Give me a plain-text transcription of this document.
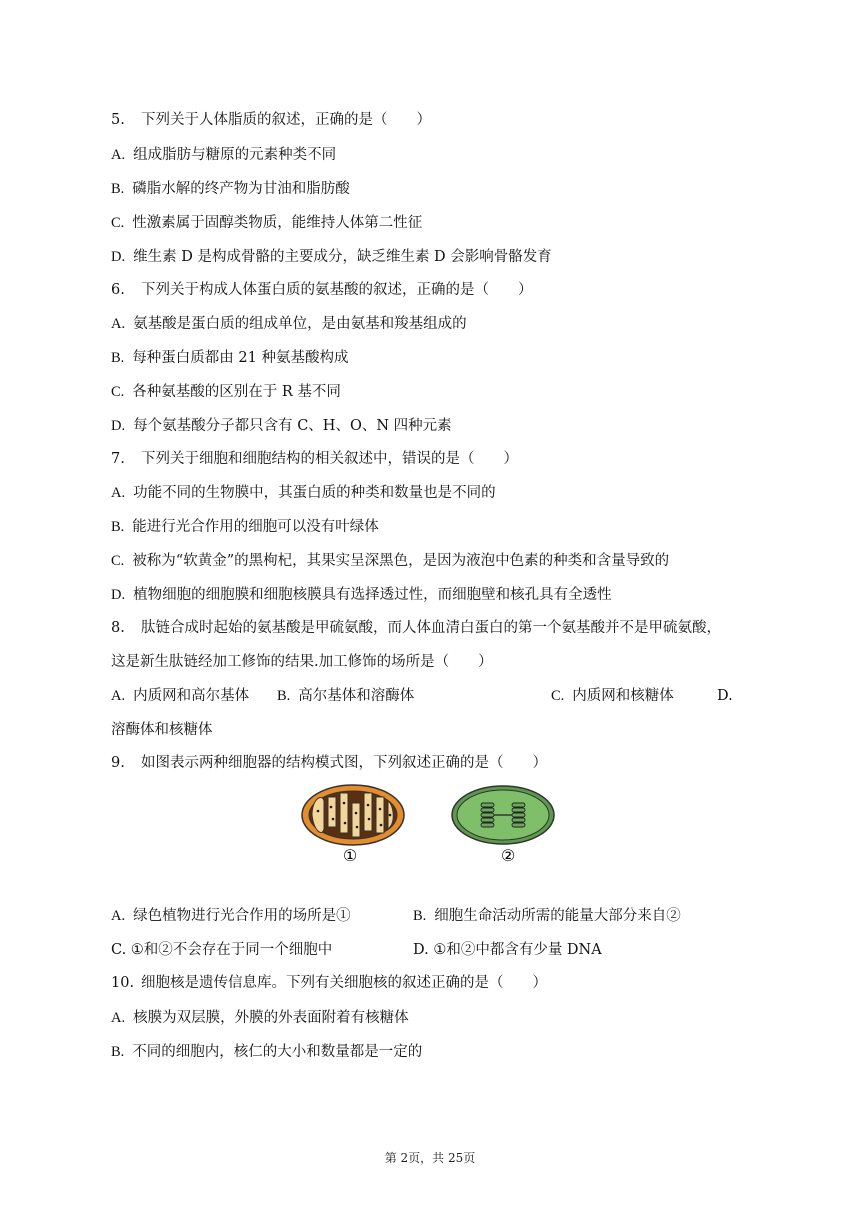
5. 下列关于人体脂质的叙述，正确的是（　　）
A. 组成脂肪与糖原的元素种类不同
B. 磷脂水解的终产物为甘油和脂肪酸
C. 性激素属于固醇类物质，能维持人体第二性征
D. 维生素 D 是构成骨骼的主要成分，缺乏维生素 D 会影响骨骼发育
6. 下列关于构成人体蛋白质的氨基酸的叙述，正确的是（　　）
A. 氨基酸是蛋白质的组成单位，是由氨基和羧基组成的
B. 每种蛋白质都由 21 种氨基酸构成
C. 各种氨基酸的区别在于 R 基不同
D. 每个氨基酸分子都只含有 C、H、O、N 四种元素
7. 下列关于细胞和细胞结构的相关叙述中，错误的是（　　）
A. 功能不同的生物膜中，其蛋白质的种类和数量也是不同的
B. 能进行光合作用的细胞可以没有叶绿体
C. 被称为“软黄金”的黑枸杞，其果实呈深黑色，是因为液泡中色素的种类和含量导致的
D. 植物细胞的细胞膜和细胞核膜具有选择透过性，而细胞壁和核孔具有全透性
8. 肽链合成时起始的氨基酸是甲硫氨酸，而人体血清白蛋白的第一个氨基酸并不是甲硫氨酸，
这是新生肽链经加工修饰的结果.加工修饰的场所是（　　）
A. 内质网和高尔基体 B. 高尔基体和溶酶体	C. 内质网和核糖体	D.
溶酶体和核糖体
9. 如图表示两种细胞器的结构模式图，下列叙述正确的是（　　）
①	②
A. 绿色植物进行光合作用的场所是①	B. 细胞生命活动所需的能量大部分来自②
C. ①和②不会存在于同一个细胞中	D. ①和②中都含有少量 DNA
10. 细胞核是遗传信息库。下列有关细胞核的叙述正确的是（　　）
A. 核膜为双层膜，外膜的外表面附着有核糖体
B. 不同的细胞内，核仁的大小和数量都是一定的
第 2页，共 25页
